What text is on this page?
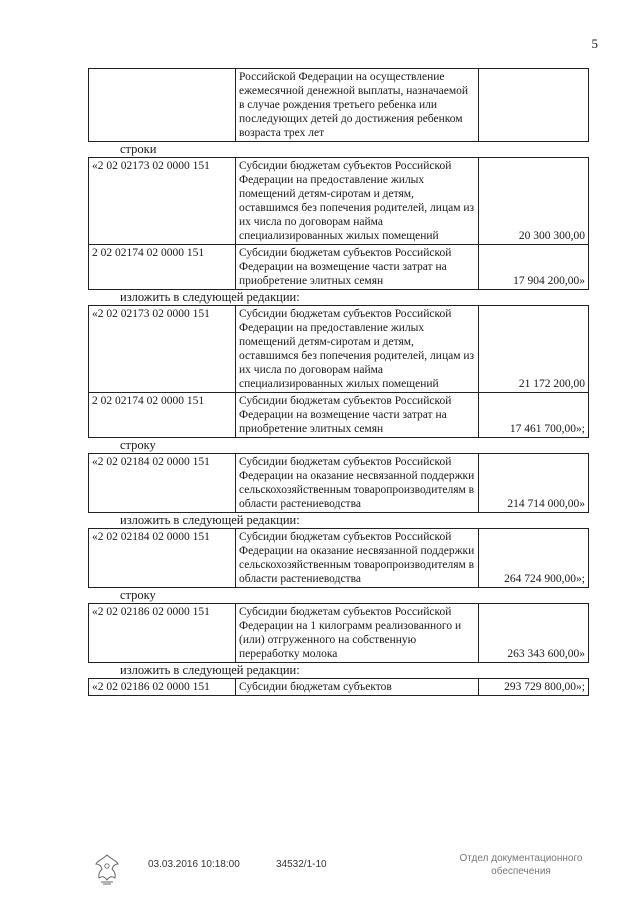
5
	Российской Федерации на осуществление ежемесячной денежной выплаты, назначаемой в случае рождения третьего ребенка или последующих детей до достижения ребенком возраста трех лет	

строки

«2 02 02173 02 0000 151	Субсидии бюджетам субъектов Российской Федерации на предоставление жилых помещений детям-сиротам и детям, оставшимся без попечения родителей, лицам из их числа по договорам найма специализированных жилых помещений	20 300 300,00
2 02 02174 02 0000 151	Субсидии бюджетам субъектов Российской Федерации на возмещение части затрат на приобретение элитных семян	17 904 200,00»

изложить в следующей редакции:

«2 02 02173 02 0000 151	Субсидии бюджетам субъектов Российской Федерации на предоставление жилых помещений детям-сиротам и детям, оставшимся без попечения родителей, лицам из их числа по договорам найма специализированных жилых помещений	21 172 200,00
2 02 02174 02 0000 151	Субсидии бюджетам субъектов Российской Федерации на возмещение части затрат на приобретение элитных семян	17 461 700,00»;

строку

«2 02 02184 02 0000 151	Субсидии бюджетам субъектов Российской Федерации на оказание несвязанной поддержки сельскохозяйственным товаропроизводителям в области растениеводства	214 714 000,00»

изложить в следующей редакции:

«2 02 02184 02 0000 151	Субсидии бюджетам субъектов Российской Федерации на оказание несвязанной поддержки сельскохозяйственным товаропроизводителям в области растениеводства	264 724 900,00»;

строку

«2 02 02186 02 0000 151	Субсидии бюджетам субъектов Российской Федерации на 1 килограмм реализованного и (или) отгруженного на собственную переработку молока	263 343 600,00»

изложить в следующей редакции:

«2 02 02186 02 0000 151	Субсидии бюджетам субъектов	293 729 800,00»;
03.03.2016 10:18:00	34532/1-10
Отдел документационного
обеспечения
